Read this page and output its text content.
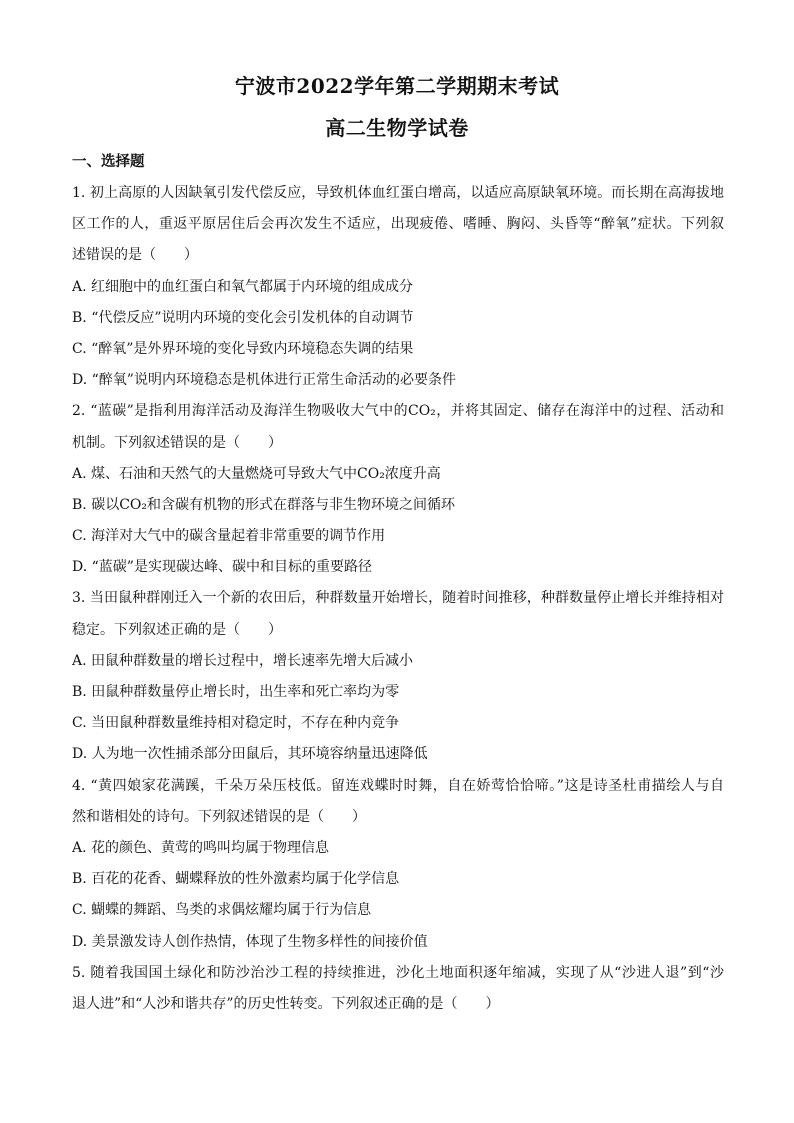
宁波市2022学年第二学期期末考试
高二生物学试卷
一、选择题
1. 初上高原的人因缺氧引发代偿反应，导致机体血红蛋白增高，以适应高原缺氧环境。而长期在高海拔地
区工作的人，重返平原居住后会再次发生不适应，出现疲倦、嗜睡、胸闷、头昏等“醉氧”症状。下列叙
述错误的是（　　）
A. 红细胞中的血红蛋白和氧气都属于内环境的组成成分
B. “代偿反应”说明内环境的变化会引发机体的自动调节
C. “醉氧”是外界环境的变化导致内环境稳态失调的结果
D. “醉氧”说明内环境稳态是机体进行正常生命活动的必要条件
2. “蓝碳”是指利用海洋活动及海洋生物吸收大气中的CO₂，并将其固定、储存在海洋中的过程、活动和
机制。下列叙述错误的是（　　）
A. 煤、石油和天然气的大量燃烧可导致大气中CO₂浓度升高
B. 碳以CO₂和含碳有机物的形式在群落与非生物环境之间循环
C. 海洋对大气中的碳含量起着非常重要的调节作用
D. “蓝碳”是实现碳达峰、碳中和目标的重要路径
3. 当田鼠种群刚迁入一个新的农田后，种群数量开始增长，随着时间推移，种群数量停止增长并维持相对
稳定。下列叙述正确的是（　　）
A. 田鼠种群数量的增长过程中，增长速率先增大后减小
B. 田鼠种群数量停止增长时，出生率和死亡率均为零
C. 当田鼠种群数量维持相对稳定时，不存在种内竞争
D. 人为地一次性捕杀部分田鼠后，其环境容纳量迅速降低
4. “黄四娘家花满蹊，千朵万朵压枝低。留连戏蝶时时舞，自在娇莺恰恰啼。”这是诗圣杜甫描绘人与自
然和谐相处的诗句。下列叙述错误的是（　　）
A. 花的颜色、黄莺的鸣叫均属于物理信息
B. 百花的花香、蝴蝶释放的性外激素均属于化学信息
C. 蝴蝶的舞蹈、鸟类的求偶炫耀均属于行为信息
D. 美景激发诗人创作热情，体现了生物多样性的间接价值
5. 随着我国国土绿化和防沙治沙工程的持续推进，沙化土地面积逐年缩减，实现了从“沙进人退”到“沙
退人进”和“人沙和谐共存”的历史性转变。下列叙述正确的是（　　）
